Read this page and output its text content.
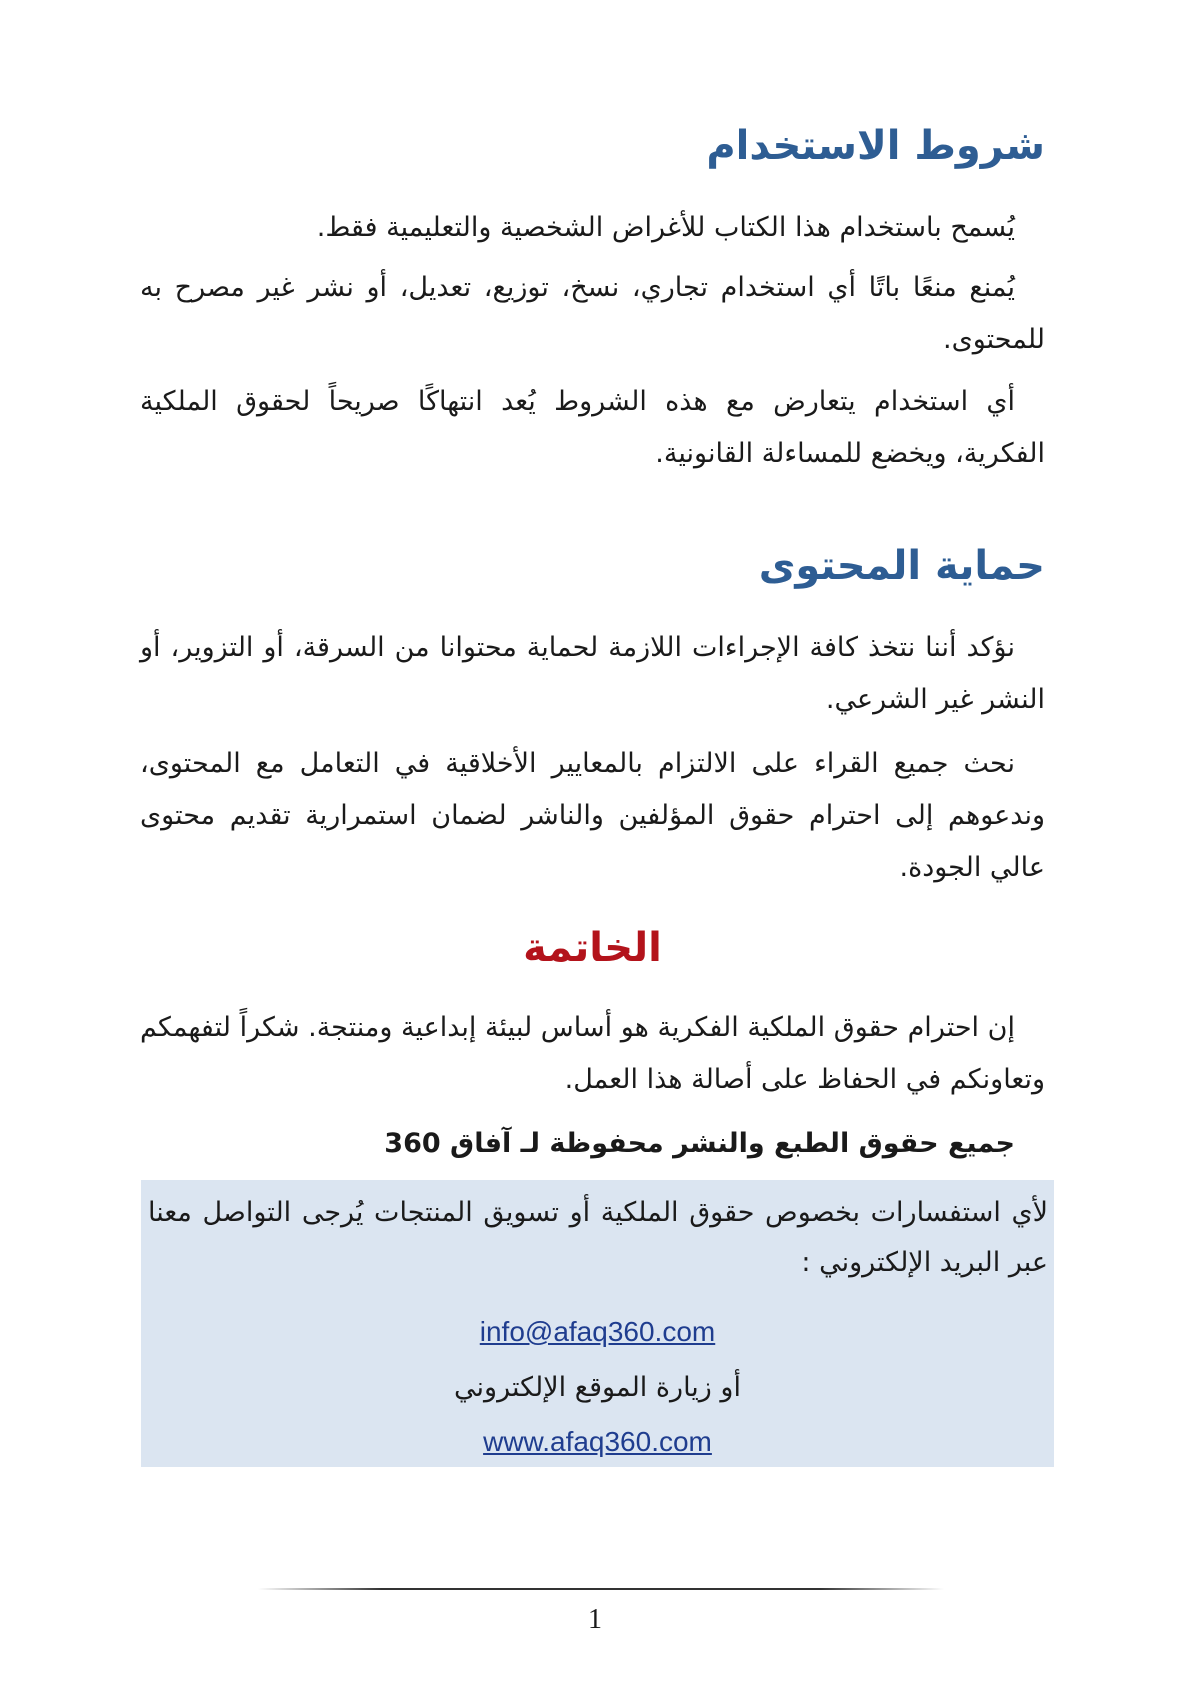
شروط الاستخدام

يُسمح باستخدام هذا الكتاب للأغراض الشخصية والتعليمية فقط.

يُمنع منعًا باتًا أي استخدام تجاري، نسخ، توزيع، تعديل، أو نشر غير مصرح به للمحتوى.

أي استخدام يتعارض مع هذه الشروط يُعد انتهاكًا صريحاً لحقوق الملكية الفكرية، ويخضع للمساءلة القانونية.

حماية المحتوى

نؤكد أننا نتخذ كافة الإجراءات اللازمة لحماية محتوانا من السرقة، أو التزوير، أو النشر غير الشرعي.

نحث جميع القراء على الالتزام بالمعايير الأخلاقية في التعامل مع المحتوى، وندعوهم إلى احترام حقوق المؤلفين والناشر لضمان استمرارية تقديم محتوى عالي الجودة.

الخاتمة

إن احترام حقوق الملكية الفكرية هو أساس لبيئة إبداعية ومنتجة. شكراً لتفهمكم وتعاونكم في الحفاظ على أصالة هذا العمل.

جميع حقوق الطبع والنشر محفوظة لـ آفاق 360

لأي استفسارات بخصوص حقوق الملكية أو تسويق المنتجات يُرجى التواصل معنا عبر البريد الإلكتروني :

info@afaq360.com

أو زيارة الموقع الإلكتروني

www.afaq360.com

1
